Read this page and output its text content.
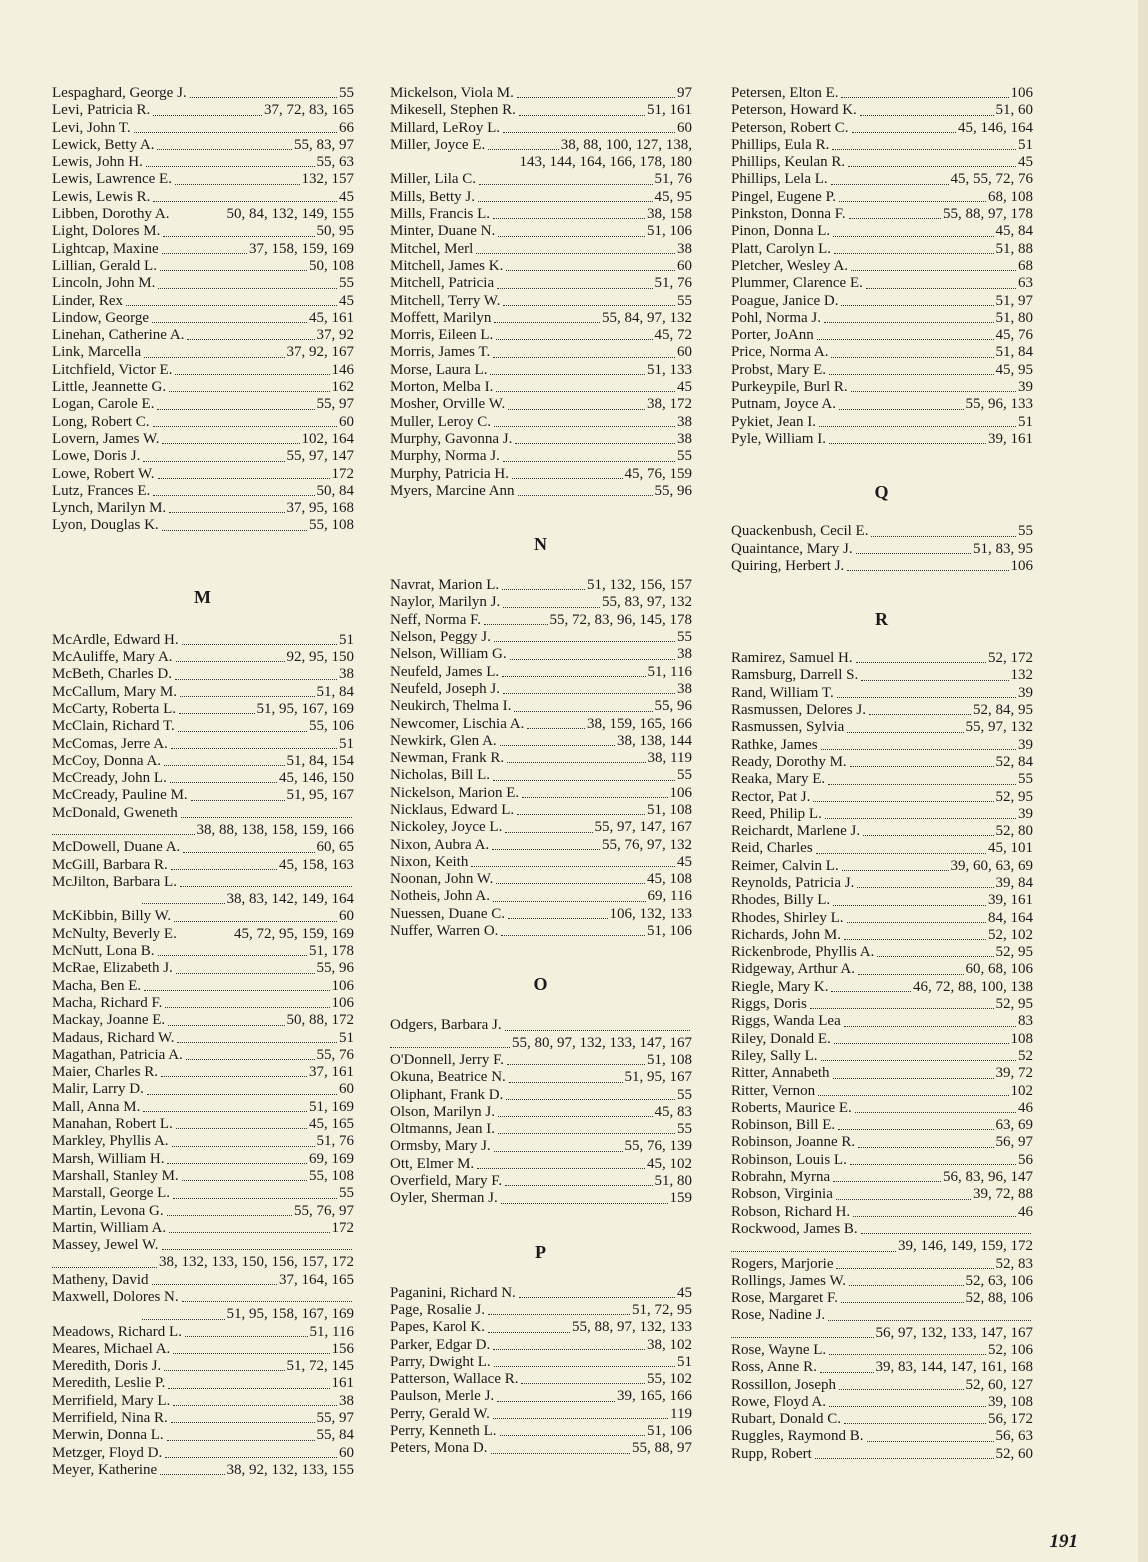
Lespaghard, George J.	55
Levi, Patricia R.	37, 72, 83, 165
Levi, John T.	66
Lewick, Betty A.	55, 83, 97
Lewis, John H.	55, 63
Lewis, Lawrence E.	132, 157
Lewis, Lewis R.	45
Libben, Dorothy A.	50, 84, 132, 149, 155
Light, Dolores M.	50, 95
Lightcap, Maxine	37, 158, 159, 169
Lillian, Gerald L.	50, 108
Lincoln, John M.	55
Linder, Rex	45
Lindow, George	45, 161
Linehan, Catherine A.	37, 92
Link, Marcella	37, 92, 167
Litchfield, Victor E.	146
Little, Jeannette G.	162
Logan, Carole E.	55, 97
Long, Robert C.	60
Lovern, James W.	102, 164
Lowe, Doris J.	55, 97, 147
Lowe, Robert W.	172
Lutz, Frances E.	50, 84
Lynch, Marilyn M.	37, 95, 168
Lyon, Douglas K.	55, 108
M
McArdle, Edward H.	51
McAuliffe, Mary A.	92, 95, 150
McBeth, Charles D.	38
McCallum, Mary M.	51, 84
McCarty, Roberta L.	51, 95, 167, 169
McClain, Richard T.	55, 106
McComas, Jerre A.	51
McCoy, Donna A.	51, 84, 154
McCready, John L.	45, 146, 150
McCready, Pauline M.	51, 95, 167
McDonald, Gweneth
38, 88, 138, 158, 159, 166
McDowell, Duane A.	60, 65
McGill, Barbara R.	45, 158, 163
McJilton, Barbara L.
38, 83, 142, 149, 164
McKibbin, Billy W.	60
McNulty, Beverly E.	45, 72, 95, 159, 169
McNutt, Lona B.	51, 178
McRae, Elizabeth J.	55, 96
Macha, Ben E.	106
Macha, Richard F.	106
Mackay, Joanne E.	50, 88, 172
Madaus, Richard W.	51
Magathan, Patricia A.	55, 76
Maier, Charles R.	37, 161
Malir, Larry D.	60
Mall, Anna M.	51, 169
Manahan, Robert L.	45, 165
Markley, Phyllis A.	51, 76
Marsh, William H.	69, 169
Marshall, Stanley M.	55, 108
Marstall, George L.	55
Martin, Levona G.	55, 76, 97
Martin, William A.	172
Massey, Jewel W.
38, 132, 133, 150, 156, 157, 172
Matheny, David	37, 164, 165
Maxwell, Dolores N.
51, 95, 158, 167, 169
Meadows, Richard L.	51, 116
Meares, Michael A.	156
Meredith, Doris J.	51, 72, 145
Meredith, Leslie P.	161
Merrifield, Mary L.	38
Merrifield, Nina R.	55, 97
Merwin, Donna L.	55, 84
Metzger, Floyd D.	60
Meyer, Katherine	38, 92, 132, 133, 155
Mickelson, Viola M.	97
Mikesell, Stephen R.	51, 161
Millard, LeRoy L.	60
Miller, Joyce E.	38, 88, 100, 127, 138,
143, 144, 164, 166, 178, 180
Miller, Lila C.	51, 76
Mills, Betty J.	45, 95
Mills, Francis L.	38, 158
Minter, Duane N.	51, 106
Mitchel, Merl	38
Mitchell, James K.	60
Mitchell, Patricia	51, 76
Mitchell, Terry W.	55
Moffett, Marilyn	55, 84, 97, 132
Morris, Eileen L.	45, 72
Morris, James T.	60
Morse, Laura L.	51, 133
Morton, Melba I.	45
Mosher, Orville W.	38, 172
Muller, Leroy C.	38
Murphy, Gavonna J.	38
Murphy, Norma J.	55
Murphy, Patricia H.	45, 76, 159
Myers, Marcine Ann	55, 96
N
Navrat, Marion L.	51, 132, 156, 157
Naylor, Marilyn J.	55, 83, 97, 132
Neff, Norma F.	55, 72, 83, 96, 145, 178
Nelson, Peggy J.	55
Nelson, William G.	38
Neufeld, James L.	51, 116
Neufeld, Joseph J.	38
Neukirch, Thelma I.	55, 96
Newcomer, Lischia A.	38, 159, 165, 166
Newkirk, Glen A.	38, 138, 144
Newman, Frank R.	38, 119
Nicholas, Bill L.	55
Nickelson, Marion E.	106
Nicklaus, Edward L.	51, 108
Nickoley, Joyce L.	55, 97, 147, 167
Nixon, Aubra A.	55, 76, 97, 132
Nixon, Keith	45
Noonan, John W.	45, 108
Notheis, John A.	69, 116
Nuessen, Duane C.	106, 132, 133
Nuffer, Warren O.	51, 106
O
Odgers, Barbara J.
55, 80, 97, 132, 133, 147, 167
O'Donnell, Jerry F.	51, 108
Okuna, Beatrice N.	51, 95, 167
Oliphant, Frank D.	55
Olson, Marilyn J.	45, 83
Oltmanns, Jean I.	55
Ormsby, Mary J.	55, 76, 139
Ott, Elmer M.	45, 102
Overfield, Mary F.	51, 80
Oyler, Sherman J.	159
P
Paganini, Richard N.	45
Page, Rosalie J.	51, 72, 95
Papes, Karol K.	55, 88, 97, 132, 133
Parker, Edgar D.	38, 102
Parry, Dwight L.	51
Patterson, Wallace R.	55, 102
Paulson, Merle J.	39, 165, 166
Perry, Gerald W.	119
Perry, Kenneth L.	51, 106
Peters, Mona D.	55, 88, 97
Petersen, Elton E.	106
Peterson, Howard K.	51, 60
Peterson, Robert C.	45, 146, 164
Phillips, Eula R.	51
Phillips, Keulan R.	45
Phillips, Lela L.	45, 55, 72, 76
Pingel, Eugene P.	68, 108
Pinkston, Donna F.	55, 88, 97, 178
Pinon, Donna L.	45, 84
Platt, Carolyn L.	51, 88
Pletcher, Wesley A.	68
Plummer, Clarence E.	63
Poague, Janice D.	51, 97
Pohl, Norma J.	51, 80
Porter, JoAnn	45, 76
Price, Norma A.	51, 84
Probst, Mary E.	45, 95
Purkeypile, Burl R.	39
Putnam, Joyce A.	55, 96, 133
Pykiet, Jean I.	51
Pyle, William I.	39, 161
Q
Quackenbush, Cecil E.	55
Quaintance, Mary J.	51, 83, 95
Quiring, Herbert J.	106
R
Ramirez, Samuel H.	52, 172
Ramsburg, Darrell S.	132
Rand, William T.	39
Rasmussen, Delores J.	52, 84, 95
Rasmussen, Sylvia	55, 97, 132
Rathke, James	39
Ready, Dorothy M.	52, 84
Reaka, Mary E.	55
Rector, Pat J.	52, 95
Reed, Philip L.	39
Reichardt, Marlene J.	52, 80
Reid, Charles	45, 101
Reimer, Calvin L.	39, 60, 63, 69
Reynolds, Patricia J.	39, 84
Rhodes, Billy L.	39, 161
Rhodes, Shirley L.	84, 164
Richards, John M.	52, 102
Rickenbrode, Phyllis A.	52, 95
Ridgeway, Arthur A.	60, 68, 106
Riegle, Mary K.	46, 72, 88, 100, 138
Riggs, Doris	52, 95
Riggs, Wanda Lea	83
Riley, Donald E.	108
Riley, Sally L.	52
Ritter, Annabeth	39, 72
Ritter, Vernon	102
Roberts, Maurice E.	46
Robinson, Bill E.	63, 69
Robinson, Joanne R.	56, 97
Robinson, Louis L.	56
Robrahn, Myrna	56, 83, 96, 147
Robson, Virginia	39, 72, 88
Robson, Richard H.	46
Rockwood, James B.
39, 146, 149, 159, 172
Rogers, Marjorie	52, 83
Rollings, James W.	52, 63, 106
Rose, Margaret F.	52, 88, 106
Rose, Nadine J.
56, 97, 132, 133, 147, 167
Rose, Wayne L.	52, 106
Ross, Anne R.	39, 83, 144, 147, 161, 168
Rossillon, Joseph	52, 60, 127
Rowe, Floyd A.	39, 108
Rubart, Donald C.	56, 172
Ruggles, Raymond B.	56, 63
Rupp, Robert	52, 60
191
